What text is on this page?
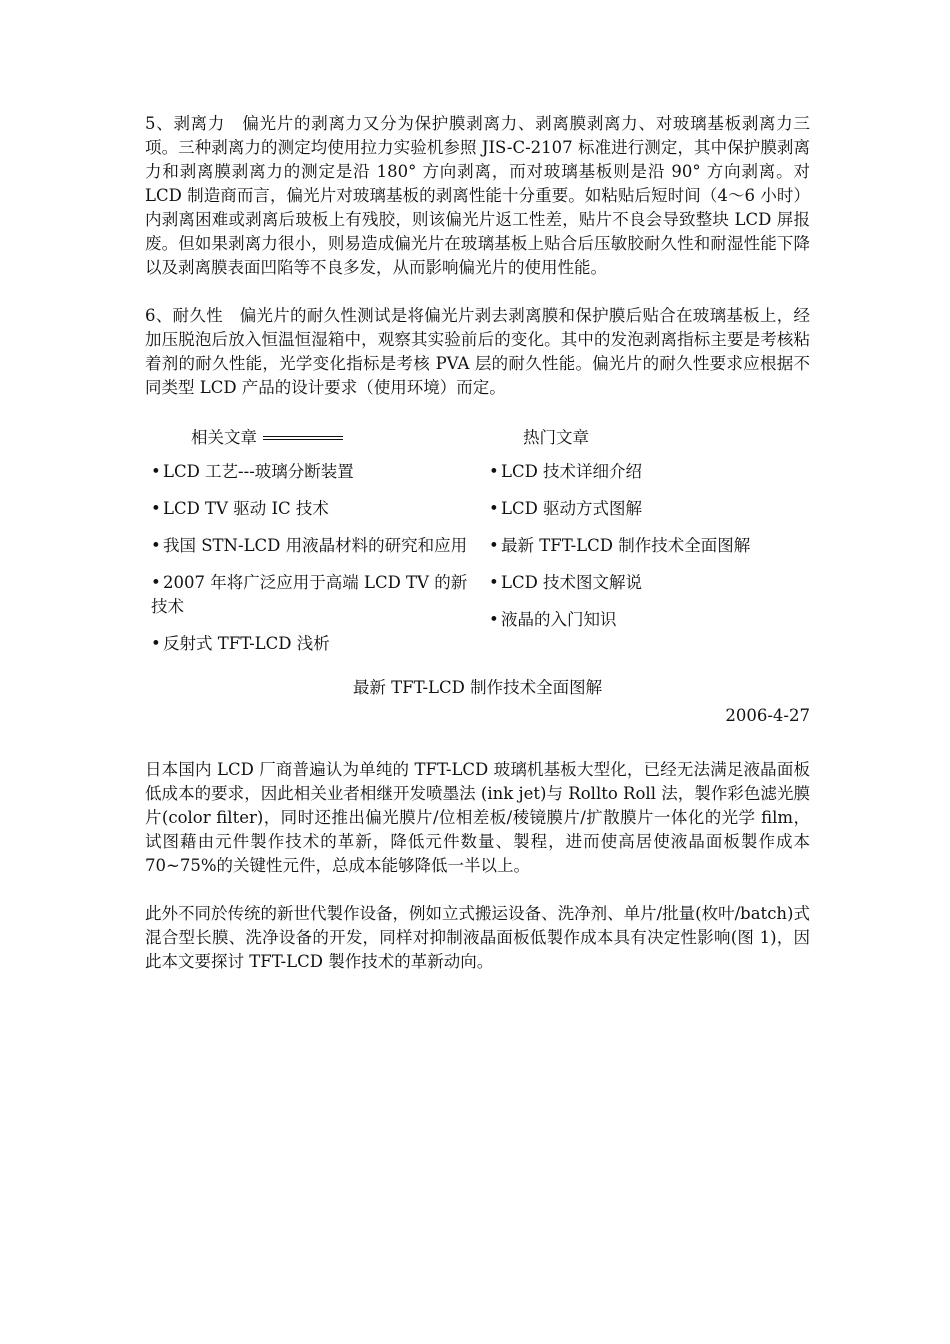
5、剥离力　偏光片的剥离力又分为保护膜剥离力、剥离膜剥离力、对玻璃基板剥离力三项。三种剥离力的测定均使用拉力实验机参照 JIS-C-2107 标准进行测定，其中保护膜剥离力和剥离膜剥离力的测定是沿 180° 方向剥离，而对玻璃基板则是沿 90° 方向剥离。对 LCD 制造商而言，偏光片对玻璃基板的剥离性能十分重要。如粘贴后短时间（4～6 小时）内剥离困难或剥离后玻板上有残胶，则该偏光片返工性差，贴片不良会导致整块 LCD 屏报废。但如果剥离力很小，则易造成偏光片在玻璃基板上贴合后压敏胶耐久性和耐湿性能下降以及剥离膜表面凹陷等不良多发，从而影响偏光片的使用性能。

6、耐久性　偏光片的耐久性测试是将偏光片剥去剥离膜和保护膜后贴合在玻璃基板上，经加压脱泡后放入恒温恒湿箱中，观察其实验前后的变化。其中的发泡剥离指标主要是考核粘着剂的耐久性能，光学变化指标是考核 PVA 层的耐久性能。偏光片的耐久性要求应根据不同类型 LCD 产品的设计要求（使用环境）而定。

相关文章
• LCD 工艺---玻璃分断装置
• LCD TV 驱动 IC 技术
• 我国 STN-LCD 用液晶材料的研究和应用
• 2007 年将广泛应用于高端 LCD TV 的新技术
• 反射式 TFT-LCD 浅析
热门文章
• LCD 技术详细介绍
• LCD 驱动方式图解
• 最新 TFT-LCD 制作技术全面图解
• LCD 技术图文解说
• 液晶的入门知识
最新 TFT-LCD 制作技术全面图解
2006-4-27

日本国内 LCD 厂商普遍认为单纯的 TFT-LCD 玻璃机基板大型化，已经无法满足液晶面板低成本的要求，因此相关业者相继开发喷墨法 (ink jet)与 Rollto Roll 法，製作彩色滤光膜片(color filter)，同时还推出偏光膜片/位相差板/稜镜膜片/扩散膜片一体化的光学 film，试图藉由元件製作技术的革新，降低元件数量、製程，进而使高居使液晶面板製作成本 70~75%的关键性元件，总成本能够降低一半以上。

此外不同於传统的新世代製作设备，例如立式搬运设备、洗净剂、单片/批量(枚叶/batch)式混合型长膜、洗净设备的开发，同样对抑制液晶面板低製作成本具有决定性影响(图 1)，因此本文要探讨 TFT-LCD 製作技术的革新动向。
